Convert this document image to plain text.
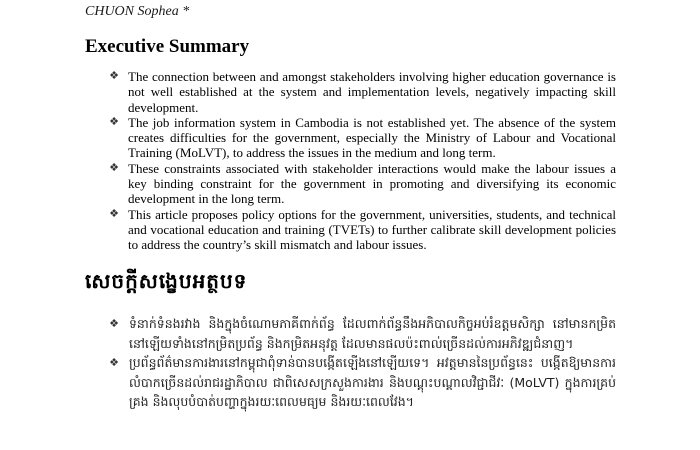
CHUON Sophea *
Executive Summary
❖ The connection between and amongst stakeholders involving higher education governance is not well established at the system and implementation levels, negatively impacting skill development.
❖ The job information system in Cambodia is not established yet. The absence of the system creates difficulties for the government, especially the Ministry of Labour and Vocational Training (MoLVT), to address the issues in the medium and long term.
❖ These constraints associated with stakeholder interactions would make the labour issues a key binding constraint for the government in promoting and diversifying its economic development in the long term.
❖ This article proposes policy options for the government, universities, students, and technical and vocational education and training (TVETs) to further calibrate skill development policies to address the country’s skill mismatch and labour issues.
សេចក្តីសង្ខេបអត្ថបទ
❖ ទំនាក់ទំនងរវាង និងក្នុងចំណោមភាគីពាក់ព័ន្ធ ដែលពាក់ព័ន្ធនឹងអភិបាលកិច្ចអប់រំឧត្តមសិក្សា នៅមានកម្រិតនៅឡើយទាំងនៅកម្រិតប្រព័ន្ធ និងកម្រិតអនុវត្ត ដែលមានផលប៉ះពាល់ច្រើនដល់ការអភិវឌ្ឍជំនាញ។
❖ ប្រព័ន្ធព័ត៌មានការងារនៅកម្ពុជាពុំទាន់បានបង្កើតឡើងនៅឡើយទេ។ អវត្តមាននៃប្រព័ន្ធនេះ បង្កើតឱ្យមានការលំបាកច្រើនដល់រាជរដ្ឋាភិបាល ជាពិសេសក្រសួងការងារ និងបណ្តុះបណ្តាលវិជ្ជាជីវៈ (MoLVT) ក្នុងការគ្រប់គ្រង និងលុបបំបាត់បញ្ហាក្នុងរយៈពេលមធ្យម និងរយៈពេលវែង។
